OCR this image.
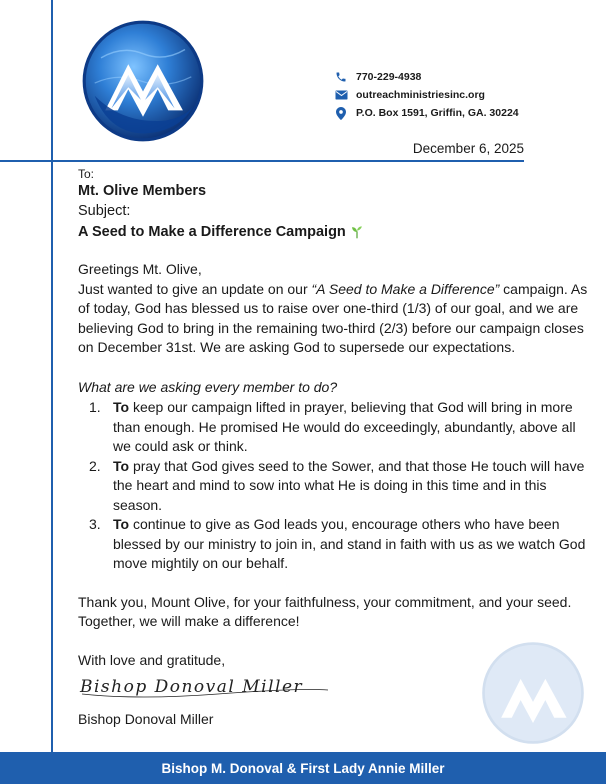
770-229-4938
outreachministriesinc.org
P.O. Box 1591, Griffin, GA. 30224
December 6, 2025
To:
Mt. Olive Members
Subject:
A Seed to Make a Difference Campaign
Greetings Mt. Olive,

Just wanted to give an update on our “A Seed to Make a Difference” campaign. As of today, God has blessed us to raise over one-third (1/3) of our goal, and we are believing God to bring in the remaining two-third (2/3) before our campaign closes on December 31st. We are asking God to supersede our expectations.

What are we asking every member to do?
1. To keep our campaign lifted in prayer, believing that God will bring in more than enough. He promised He would do exceedingly, abundantly, above all we could ask or think.
2. To pray that God gives seed to the Sower, and that those He touch will have the heart and mind to sow into what He is doing in this time and in this season.
3. To continue to give as God leads you, encourage others who have been blessed by our ministry to join in, and stand in faith with us as we watch God move mightily on our behalf.
Thank you, Mount Olive, for your faithfulness, your commitment, and your seed. Together, we will make a difference!
With love and gratitude,
Bishop Donoval Miller
Bishop Donoval Miller
Bishop M. Donoval & First Lady Annie Miller
